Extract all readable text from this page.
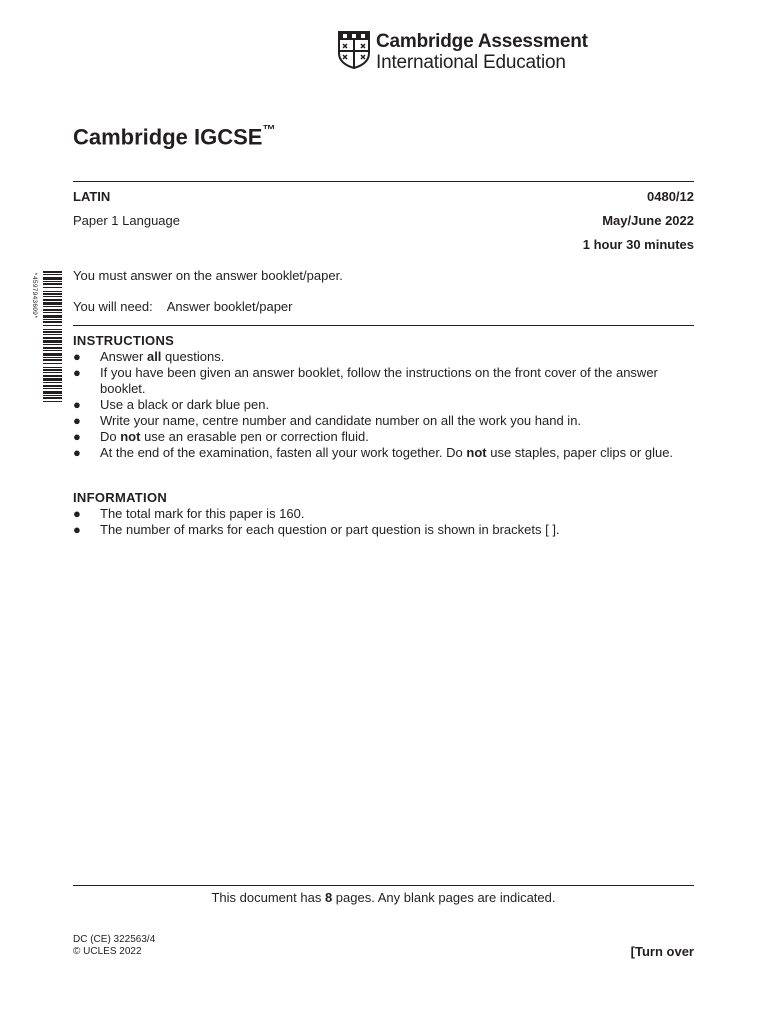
Cambridge Assessment
International Education
Cambridge IGCSE™
LATIN	0480/12
Paper 1 Language	May/June 2022
1 hour 30 minutes
*4597943609*	You must answer on the answer booklet/paper.
You will need: Answer booklet/paper
INSTRUCTIONS
● Answer all questions.
● If you have been given an answer booklet, follow the instructions on the front cover of the answer booklet.
● Use a black or dark blue pen.
● Write your name, centre number and candidate number on all the work you hand in.
● Do not use an erasable pen or correction fluid.
● At the end of the examination, fasten all your work together. Do not use staples, paper clips or glue.
INFORMATION
● The total mark for this paper is 160.
● The number of marks for each question or part question is shown in brackets [ ].
This document has 8 pages. Any blank pages are indicated.
DC (CE) 322563/4
© UCLES 2022	[Turn over
